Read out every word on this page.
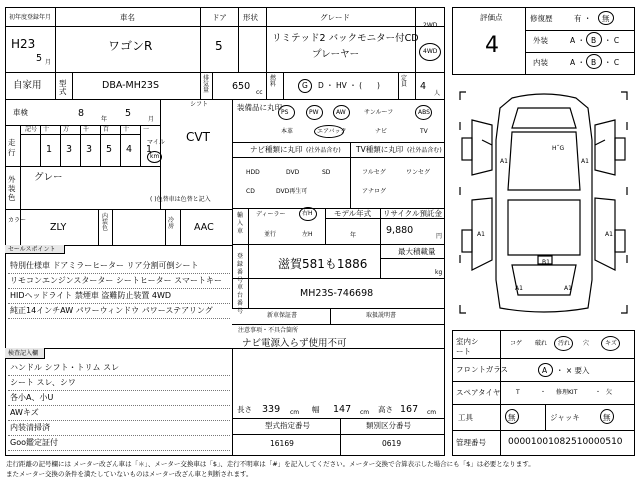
初年度登録年月	車名	ドア 形状	グレード
2WD
4WD
H23
5 月
ワゴンR	5
リミテッド2 バックモニター付CD
プレーヤー
自家用 型式	DBA-MH23S
排気量 650
cc
燃料	G D ・ HV ・ (　　)
定員 4
人
車検	8
年
5
月
シフト
CVT
走行
記号 十 万 千 百 十 一
1 3 3 5 4 1
マイル
km
外装色
グレー
( )色替車は色替と記入
カラー
ZLY
内装色
冷房 AAC
セールスポイント
特別仕様車 ドアミラーヒーター リア分割可倒シート
リモコンエンジンスターター シートヒーター スマートキー
HIDヘッドライト 禁煙車 盗難防止装置 4WD
純正14インチAW パワーウィンドウ パワーステアリング
検査記入欄
ハンドル シフト・トリム スレ
シート スレ、シワ
各小A、小U
AWキズ
内装清掃済
Goo鑑定証付
装備品に丸印
PS	PW	AW	サンルーフ	ABS
本革	エアバック	ナビ	TV
ナビ種類に丸印 (社外品含む) TV種類に丸印 (社外品含む)
HDD	DVD	SD
CD	DVD再生可
フルセグ	ワンセグ
アナログ
輸入車
ディーラー	右H
並行	左H
モデル年式
年
リサイクル預託金
9,880
円
最大積載量
登録番号
滋賀581も1886
kg
車台番号
MH23S-746698
新車保証書	取扱説明書
注意事項・不具合箇所
ナビ電源入らず使用不可
長さ 339 cm 幅 147 cm 高さ 167 cm
型式指定番号
16169
類別区分番号
0619
評価点
4
修復歴	有 ・ 無
外装	A ・ B ・ C
内装	A ・ B ・ C
A1	A1
A1	A1
H˝G
B1
A1	A1
室内シート
コゲ 破れ 汚れ 穴	キズ
フロントガラス	A ・ × 要入
スペアタイヤ	T	・ 修理KIT	・ 欠
工具	無	ジャッキ	無
管理番号 00001001082510000510
走行距離の記号欄には メーター改ざん車は「＊」、メーター交換車は「$」、走行不明車は「#」を記入してください。メーター交換で合算表示した場合にも「$」は必要となります。
またメーター交換の条件を満たしていないものはメーター改ざん車と判断されます。
